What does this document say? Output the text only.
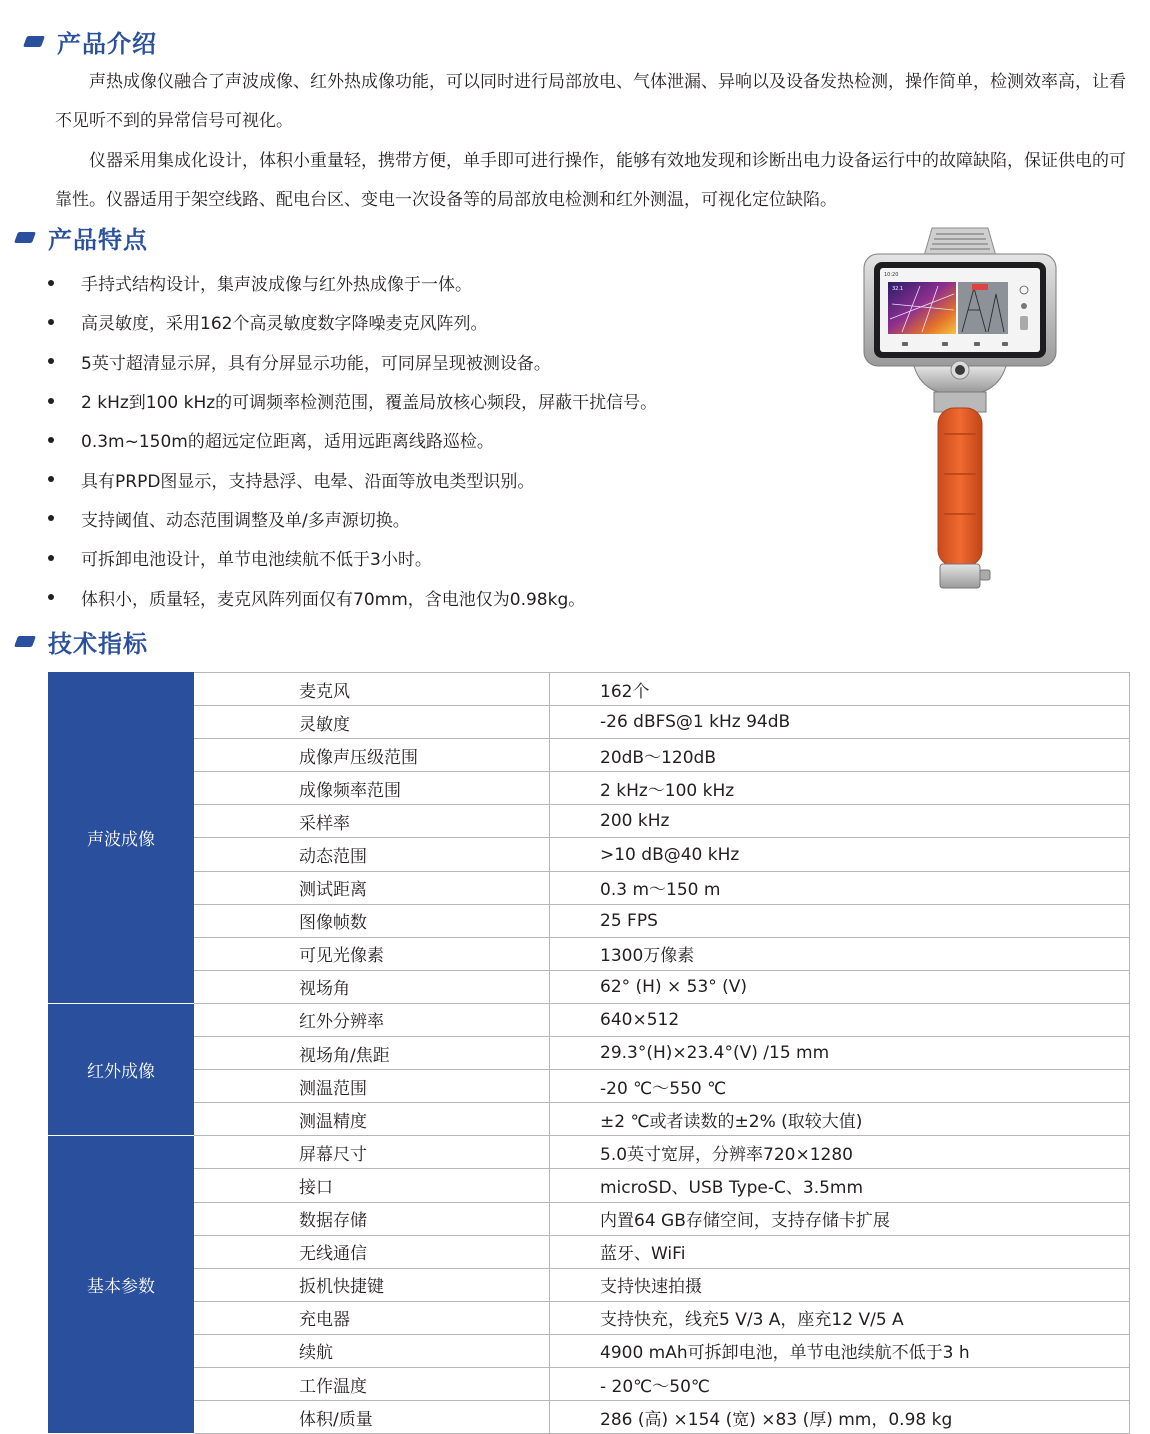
产品介绍

声热成像仪融合了声波成像、红外热成像功能，可以同时进行局部放电、气体泄漏、异响以及设备发热检测，操作简单，检测效率高，让看不见听不到的异常信号可视化。

仪器采用集成化设计，体积小重量轻，携带方便，单手即可进行操作，能够有效地发现和诊断出电力设备运行中的故障缺陷，保证供电的可靠性。仪器适用于架空线路、配电台区、变电一次设备等的局部放电检测和红外测温，可视化定位缺陷。

产品特点
手持式结构设计，集声波成像与红外热成像于一体。
高灵敏度，采用162个高灵敏度数字降噪麦克风阵列。
5英寸超清显示屏，具有分屏显示功能，可同屏呈现被测设备。
2 kHz到100 kHz的可调频率检测范围，覆盖局放核心频段，屏蔽干扰信号。
0.3m~150m的超远定位距离，适用远距离线路巡检。
具有PRPD图显示，支持悬浮、电晕、沿面等放电类型识别。
支持阈值、动态范围调整及单/多声源切换。
可拆卸电池设计，单节电池续航不低于3小时。
体积小，质量轻，麦克风阵列面仅有70mm，含电池仅为0.98kg。
10:20
32.1
技术指标
声波成像	麦克风	162个
	灵敏度	-26 dBFS@1 kHz 94dB
	成像声压级范围	20dB～120dB
	成像频率范围	2 kHz～100 kHz
	采样率	200 kHz
	动态范围	>10 dB@40 kHz
	测试距离	0.3 m～150 m
	图像帧数	25 FPS
	可见光像素	1300万像素
	视场角	62° (H) × 53° (V)
红外成像	红外分辨率	640×512
	视场角/焦距	29.3°(H)×23.4°(V) /15 mm
	测温范围	-20 ℃～550 ℃
	测温精度	±2 ℃或者读数的±2% (取较大值)
基本参数	屏幕尺寸	5.0英寸宽屏，分辨率720×1280
	接口	microSD、USB Type-C、3.5mm
	数据存储	内置64 GB存储空间，支持存储卡扩展
	无线通信	蓝牙、WiFi
	扳机快捷键	支持快速拍摄
	充电器	支持快充，线充5 V/3 A，座充12 V/5 A
	续航	4900 mAh可拆卸电池，单节电池续航不低于3 h
	工作温度	- 20℃～50℃
	体积/质量	286 (高) ×154 (宽) ×83 (厚) mm，0.98 kg
